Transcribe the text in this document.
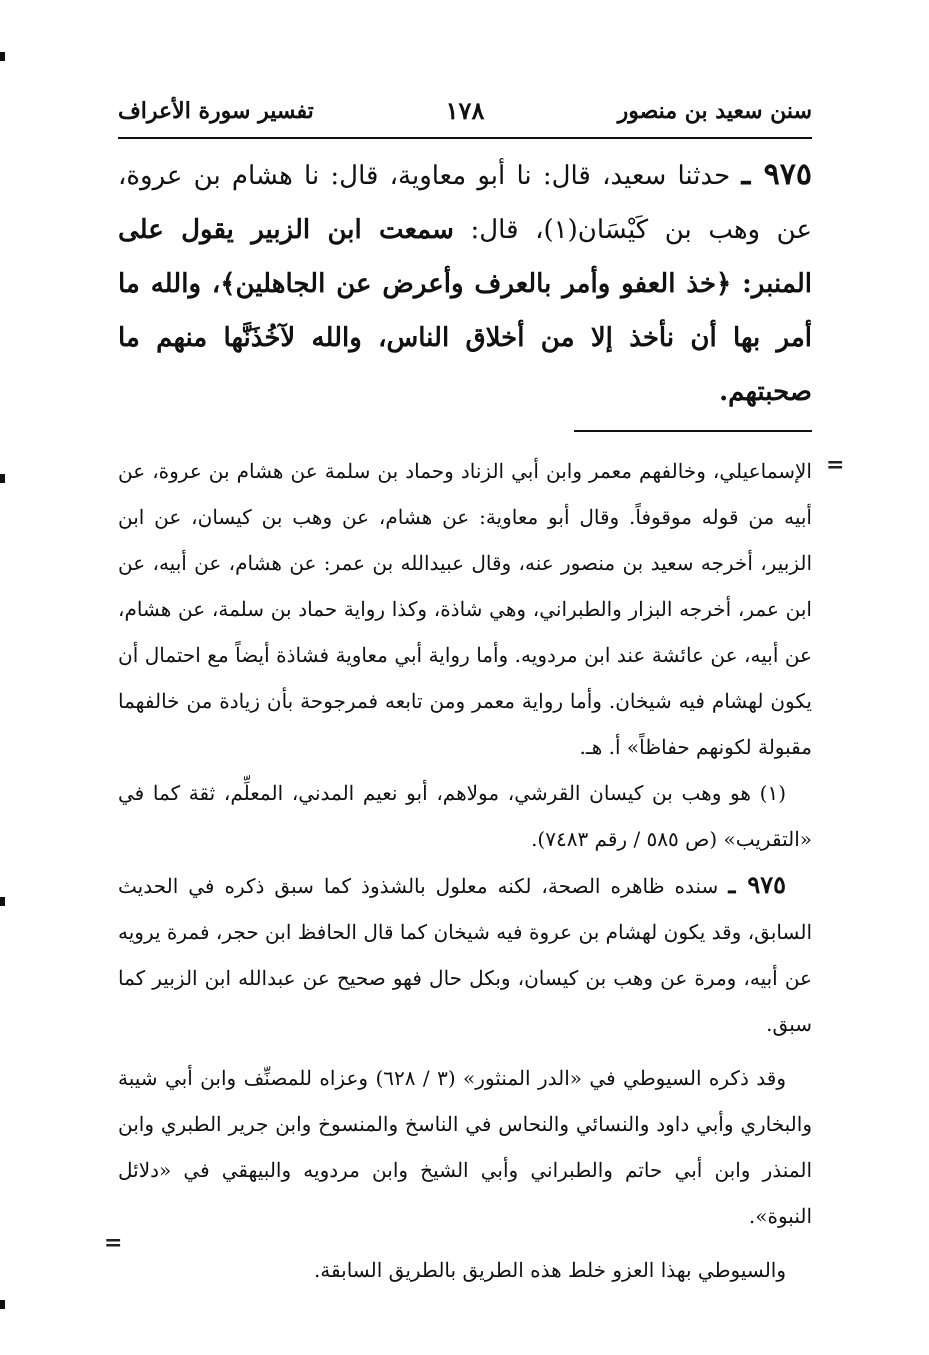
سنن سعيد بن منصور
١٧٨
تفسير سورة الأعراف

٩٧٥ ـ حدثنا سعيد، قال: نا أبو معاوية، قال: نا هشام بن عروة، عن وهب بن كَيْسَان(١)، قال: سمعت ابن الزبير يقول على المنبر: ﴿خذ العفو وأمر بالعرف وأعرض عن الجاهلين﴾، والله ما أمر بها أن نأخذ إلا من أخلاق الناس، والله لآخُذَنَّها منهم ما صحبتهم.

=

الإسماعيلي، وخالفهم معمر وابن أبي الزناد وحماد بن سلمة عن هشام بن عروة، عن أبيه من قوله موقوفاً. وقال أبو معاوية: عن هشام، عن وهب بن كيسان، عن ابن الزبير، أخرجه سعيد بن منصور عنه، وقال عبيدالله بن عمر: عن هشام، عن أبيه، عن ابن عمر، أخرجه البزار والطبراني، وهي شاذة، وكذا رواية حماد بن سلمة، عن هشام، عن أبيه، عن عائشة عند ابن مردويه. وأما رواية أبي معاوية فشاذة أيضاً مع احتمال أن يكون لهشام فيه شيخان. وأما رواية معمر ومن تابعه فمرجوحة بأن زيادة من خالفهما مقبولة لكونهم حفاظاً» أ. هـ.

(١) هو وهب بن كيسان القرشي، مولاهم، أبو نعيم المدني، المعلِّم، ثقة كما في «التقريب» (ص ٥٨٥ / رقم ٧٤٨٣).

٩٧٥ ـ سنده ظاهره الصحة، لكنه معلول بالشذوذ كما سبق ذكره في الحديث السابق، وقد يكون لهشام بن عروة فيه شيخان كما قال الحافظ ابن حجر، فمرة يرويه عن أبيه، ومرة عن وهب بن كيسان، وبكل حال فهو صحيح عن عبدالله ابن الزبير كما سبق.

وقد ذكره السيوطي في «الدر المنثور» (٣ / ٦٢٨) وعزاه للمصنِّف وابن أبي شيبة والبخاري وأبي داود والنسائي والنحاس في الناسخ والمنسوخ وابن جرير الطبري وابن المنذر وابن أبي حاتم والطبراني وأبي الشيخ وابن مردويه والبيهقي في «دلائل النبوة».

والسيوطي بهذا العزو خلط هذه الطريق بالطريق السابقة.

=
